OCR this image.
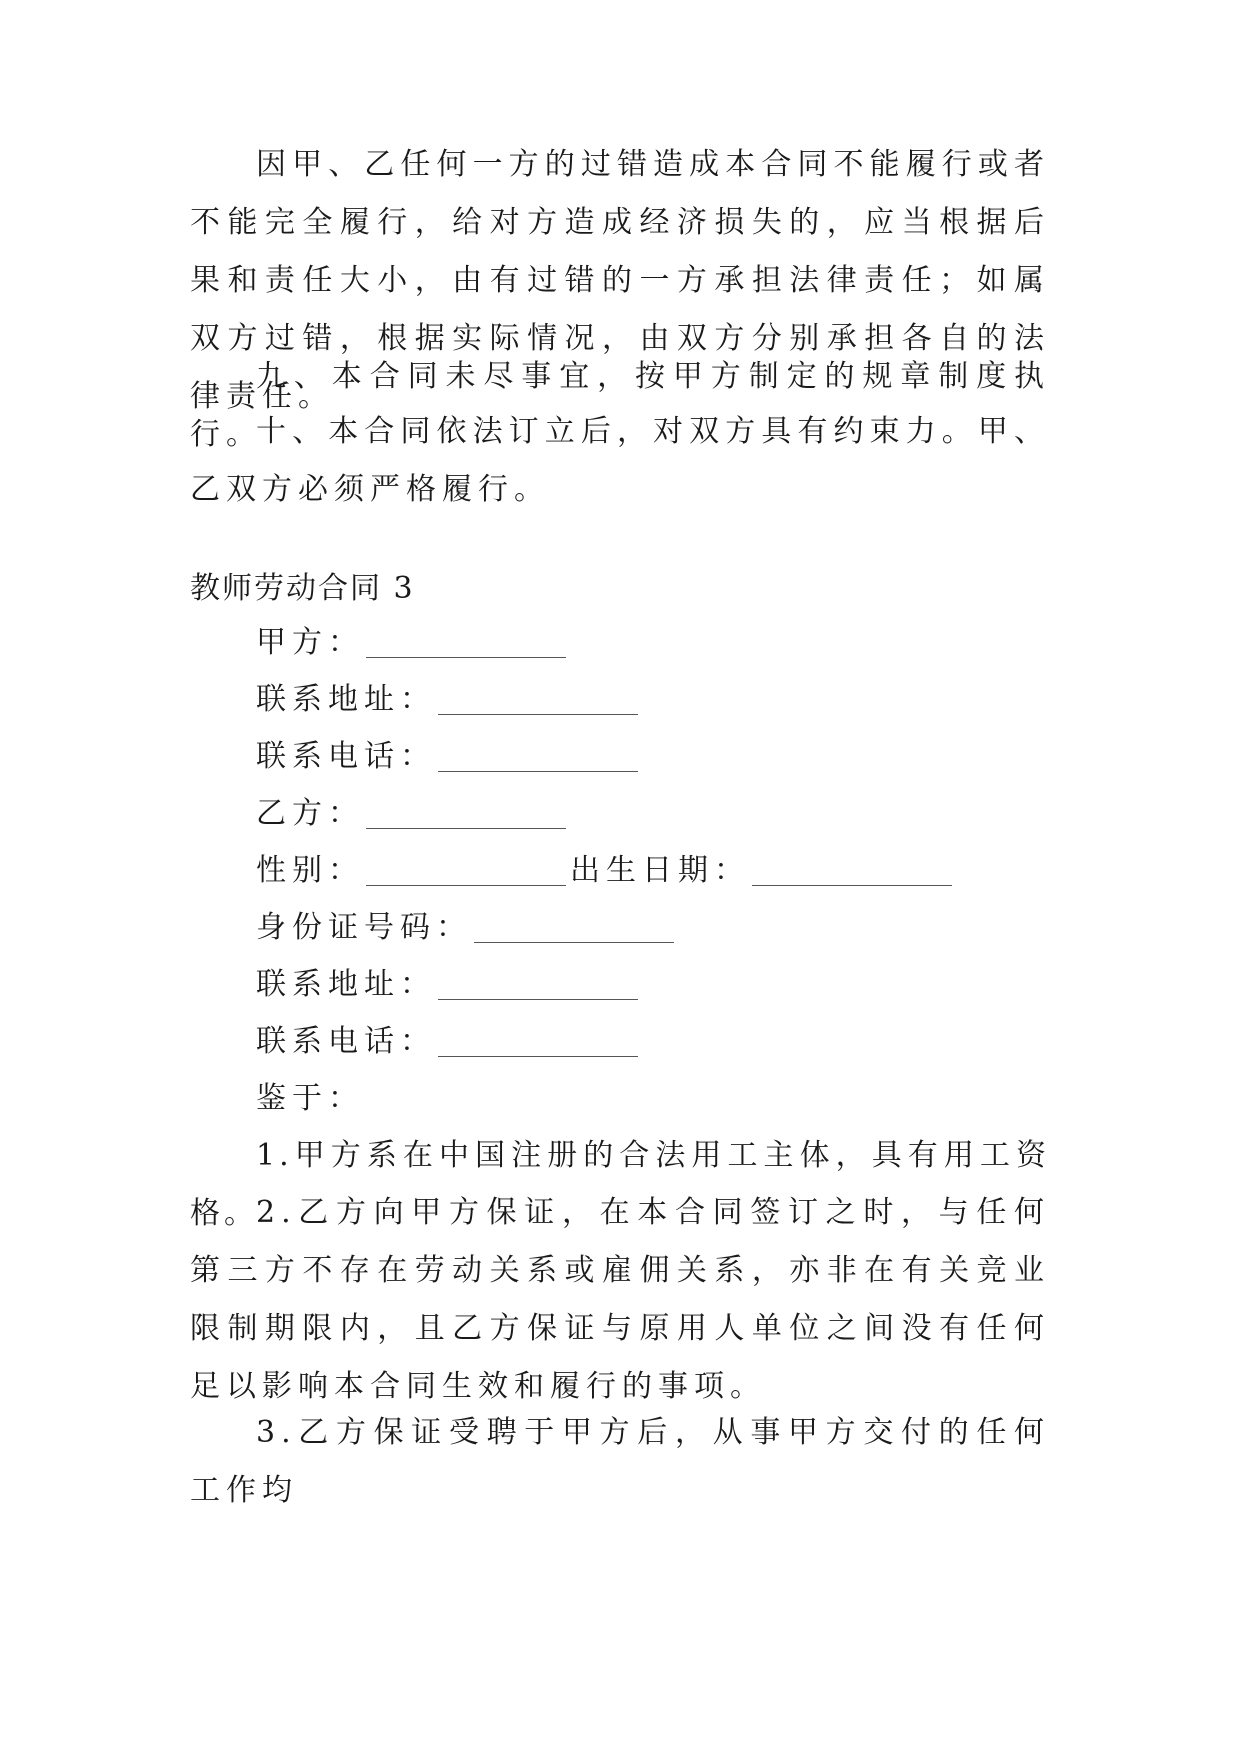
因甲、乙任何一方的过错造成本合同不能履行或者不能完全履行，给对方造成经济损失的，应当根据后果和责任大小，由有过错的一方承担法律责任；如属双方过错，根据实际情况，由双方分别承担各自的法律责任。

九、本合同未尽事宜，按甲方制定的规章制度执行。

十、本合同依法订立后，对双方具有约束力。甲、乙双方必须严格履行。

教师劳动合同 3

甲方：

联系地址：

联系电话：

乙方：

性别：	出生日期：

身份证号码：

联系地址：

联系电话：

鉴于：

1.甲方系在中国注册的合法用工主体，具有用工资格。

2.乙方向甲方保证，在本合同签订之时，与任何第三方不存在劳动关系或雇佣关系，亦非在有关竞业限制期限内，且乙方保证与原用人单位之间没有任何足以影响本合同生效和履行的事项。

3.乙方保证受聘于甲方后，从事甲方交付的任何工作均
